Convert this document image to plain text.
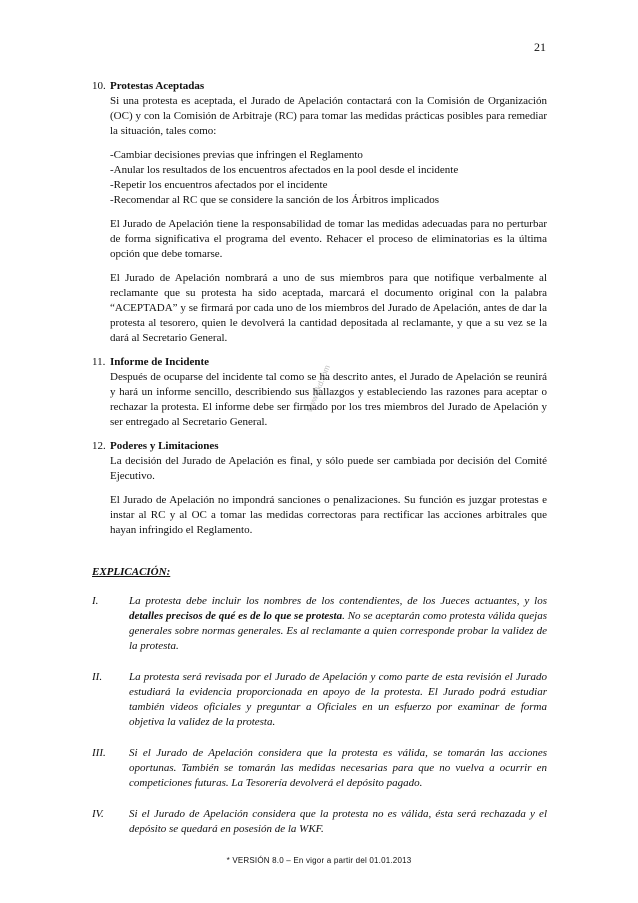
21
www.rfkd.com
10. Protestas Aceptadas

Si una protesta es aceptada, el Jurado de Apelación contactará con la Comisión de Organización (OC) y con la Comisión de Arbitraje (RC) para tomar las medidas prácticas posibles para remediar la situación, tales como:

-Cambiar decisiones previas que infringen el Reglamento
-Anular los resultados de los encuentros afectados en la pool desde el incidente
-Repetir los encuentros afectados por el incidente
-Recomendar al RC que se considere la sanción de los Árbitros implicados

El Jurado de Apelación tiene la responsabilidad de tomar las medidas adecuadas para no perturbar de forma significativa el programa del evento. Rehacer el proceso de eliminatorias es la última opción que debe tomarse.

El Jurado de Apelación nombrará a uno de sus miembros para que notifique verbalmente al reclamante que su protesta ha sido aceptada, marcará el documento original con la palabra “ACEPTADA” y se firmará por cada uno de los miembros del Jurado de Apelación, antes de dar la protesta al tesorero, quien le devolverá la cantidad depositada al reclamante, y que a su vez se la dará al Secretario General.

11. Informe de Incidente

Después de ocuparse del incidente tal como se ha descrito antes, el Jurado de Apelación se reunirá y hará un informe sencillo, describiendo sus hallazgos y estableciendo las razones para aceptar o rechazar la protesta. El informe debe ser firmado por los tres miembros del Jurado de Apelación y ser entregado al Secretario General.

12. Poderes y Limitaciones

La decisión del Jurado de Apelación es final, y sólo puede ser cambiada por decisión del Comité Ejecutivo.

El Jurado de Apelación no impondrá sanciones o penalizaciones. Su función es juzgar protestas e instar al RC y al OC a tomar las medidas correctoras para rectificar las acciones arbitrales que hayan infringido el Reglamento.

EXPLICACIÓN:
I.	La protesta debe incluir los nombres de los contendientes, de los Jueces actuantes, y los detalles precisos de qué es de lo que se protesta. No se aceptarán como protesta válida quejas generales sobre normas generales. Es al reclamante a quien corresponde probar la validez de la protesta.
II. La protesta será revisada por el Jurado de Apelación y como parte de esta revisión el Jurado estudiará la evidencia proporcionada en apoyo de la protesta. El Jurado podrá estudiar también videos oficiales y preguntar a Oficiales en un esfuerzo por examinar de forma objetiva la validez de la protesta.
III. Si el Jurado de Apelación considera que la protesta es válida, se tomarán las acciones oportunas. También se tomarán las medidas necesarias para que no vuelva a ocurrir en competiciones futuras. La Tesorería devolverá el depósito pagado.
IV. Si el Jurado de Apelación considera que la protesta no es válida, ésta será rechazada y el depósito se quedará en posesión de la WKF.
* VERSIÓN 8.0 – En vigor a partir del 01.01.2013
